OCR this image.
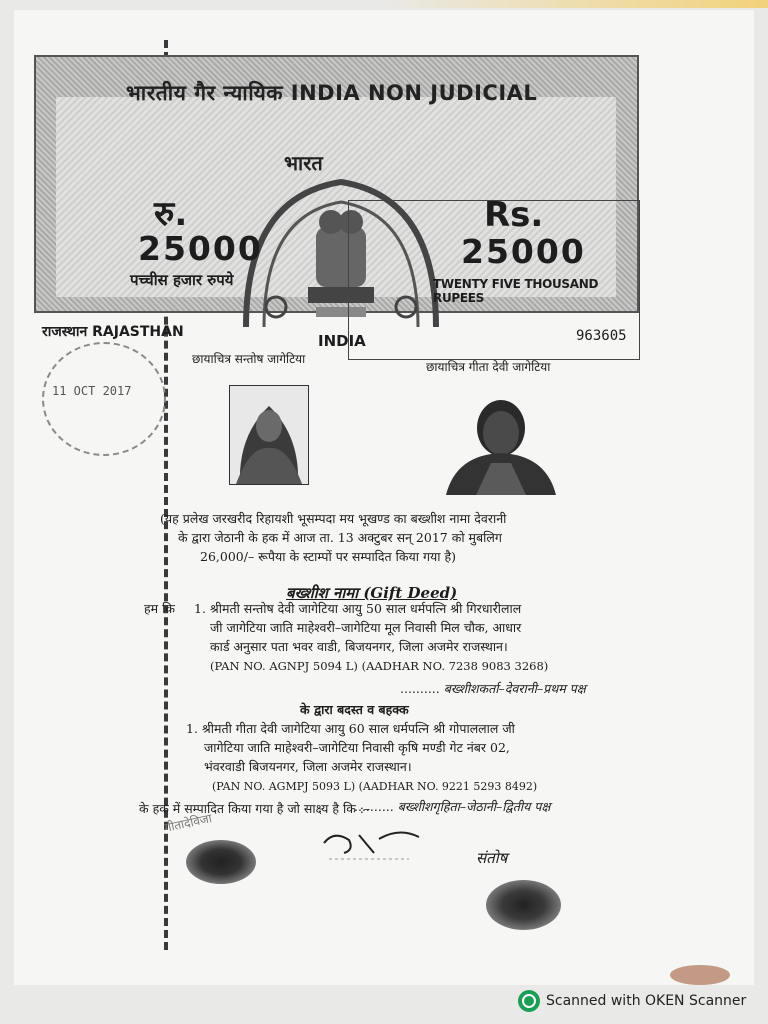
भारतीय गैर न्यायिक INDIA NON JUDICIAL
भारत
रु.
25000
पच्चीस हजार रुपये
Rs.
25000
TWENTY FIVE THOUSAND RUPEES
INDIA
राजस्थान RAJASTHAN	963605
11 OCT 2017
छायाचित्र सन्तोष जागेटिया
छायाचित्र गीता देवी जागेटिया
(यह प्रलेख जरखरीद रिहायशी भूसम्पदा मय भूखण्ड का बख्शीश नामा देवरानी
के द्वारा जेठानी के हक में आज ता. 13 अक्टुबर सन् 2017 को मुबलिग
26,000/– रूपैया के स्टाम्पों पर सम्पादित किया गया है)
बख्शीश नामा (Gift Deed)
हम कि 1. श्रीमती सन्तोष देवी जागेटिया आयु 50 साल धर्मपत्नि श्री गिरधारीलाल
जी जागेटिया जाति माहेश्वरी–जागेटिया मूल निवासी मिल चौक, आधार
कार्ड अनुसार पता भवर वाडी, बिजयनगर, जिला अजमेर राजस्थान।
(PAN NO. AGNPJ 5094 L) (AADHAR NO. 7238 9083 3268)
.......... बख्शीशकर्ता–देवरानी–प्रथम पक्ष
के द्वारा बदस्त व बहक्क
1. श्रीमती गीता देवी जागेटिया आयु 60 साल धर्मपत्नि श्री गोपाललाल जी
जागेटिया जाति माहेश्वरी–जागेटिया निवासी कृषि मण्डी गेट नंबर 02,
भंवरवाडी बिजयनगर, जिला अजमेर राजस्थान।
(PAN NO. AGMPJ 5093 L) (AADHAR NO. 9221 5293 8492)
.......... बख्शीशगृहिता–जेठानी–द्वितीय पक्ष
के हक में सम्पादित किया गया है जो साक्ष्य है कि :–
गीतादेविजा
संतोष
Scanned with OKEN Scanner
